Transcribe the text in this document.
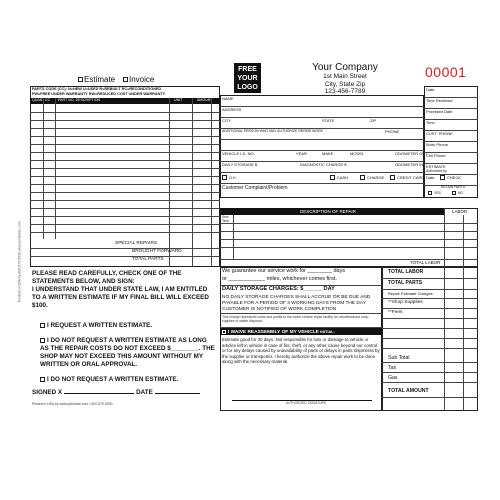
Estimate	Invoice
FREE
YOUR
LOGO
Your Company
1st Main Street
City, State Zip
123-456-7789
00001
Printed in USA by 800-579-5930 www.printwise.com
PARTS CODE (CC): N=NEW U=USED R=REBUILT RC=RECONDITIONED
FW=FREE UNDER WARRANTY RW=REDUCED COST UNDER WARRANTY
QUAN CC PART NO. DESCRIPTION	UNIT	AMOUNT
SPECIAL REPAIRS
BROUGHT FORWARD
TOTAL PARTS
NAME
ADDRESS
CITY	STATE	ZIP
ADDITIONAL PERSON WHO MAY AUTHORIZE REPAIR WORK	PHONE
VEHICLE I.D. NO.	YEAR	MAKE	MODEL	ODOMETER OUT
DAILY STORAGE $	DIAGNOSTIC CHARGE $	ODOMETER IN
O.K.	CASH	CHARGE	CREDIT CARD	CHECK
Customer Complaint/Problem
Date
Time Received
Promised Date
Time
CUST. PHONE
Work Phone
Cell Phone
ESTIMATE
Authorized by
Date
RETAIN PARTS
YES	NO
DESCRIPTION OF REPAIR	LABOR
Serv. Tech.
TOTAL LABOR
PLEASE READ CAREFULLY, CHECK ONE OF THE STATEMENTS BELOW, AND SIGN:
I UNDERSTAND THAT UNDER STATE LAW, I AM ENTITLED TO A WRITTEN ESTIMATE IF MY FINAL BILL WILL EXCEED $100.
I REQUEST A WRITTEN ESTIMATE.
I DO NOT REQUEST A WRITTEN ESTIMATE AS LONG AS THE REPAIR COSTS DO NOT EXCEED $________. THE SHOP MAY NOT EXCEED THIS AMOUNT WITHOUT MY WRITTEN OR ORAL APPROVAL.
I DO NOT REQUEST A WRITTEN ESTIMATE.
SIGNED X	DATE
Printed in USA by www.printwise.com • 800-579-5930
We guarantee our service work for ________ days
or ____________ miles, whichever comes first.
DAILY STORAGE CHARGES: $______ DAY
NO DAILY STORAGE CHARGES SHALL ACCRUE OR BE DUE AND PAYABLE FOR A PERIOD OF 3 WORKING DAYS FROM THE DAY CUSTOMER IS NOTIFIED OF WORK COMPLETION
This charge represents costs and profits to the motor vehicle repair facility for miscellaneous shop supplies or waste disposal.
I WAIVE REASSEMBLY OF MY VEHICLE INITIAL:
Estimate good for 30 days. Not responsible for loss or damage to vehicle or articles left in vehicle in case of fire, theft, or any other cause beyond our control or for any delays caused by unavailability of parts or delays in parts shipments by the supplier or transporter. I hereby authorize the above repair work to be done along with the necessary material.
AUTHORIZED SIGNATURE
TOTAL LABOR
TOTAL PARTS
Repair Estimate Charges
**Shop Supplies
**Fees
Sub Total
Tax
Gas
TOTAL AMOUNT
